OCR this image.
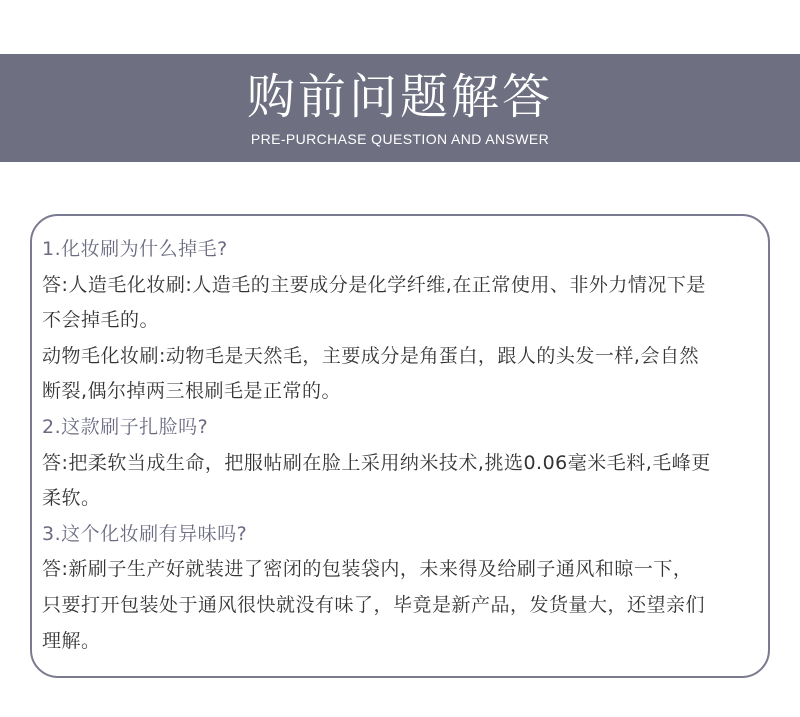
购前问题解答
PRE-PURCHASE QUESTION AND ANSWER
1.化妆刷为什么掉毛?
答:人造毛化妆刷:人造毛的主要成分是化学纤维,在正常使用、非外力情况下是
不会掉毛的。
动物毛化妆刷:动物毛是天然毛，主要成分是角蛋白，跟人的头发一样,会自然
断裂,偶尔掉两三根刷毛是正常的。
2.这款刷子扎脸吗?
答:把柔软当成生命，把服帖刷在脸上采用纳米技术,挑选0.06毫米毛料,毛峰更
柔软。
3.这个化妆刷有异味吗?
答:新刷子生产好就装进了密闭的包装袋内，未来得及给刷子通风和晾一下，
只要打开包装处于通风很快就没有味了，毕竟是新产品，发货量大，还望亲们
理解。
